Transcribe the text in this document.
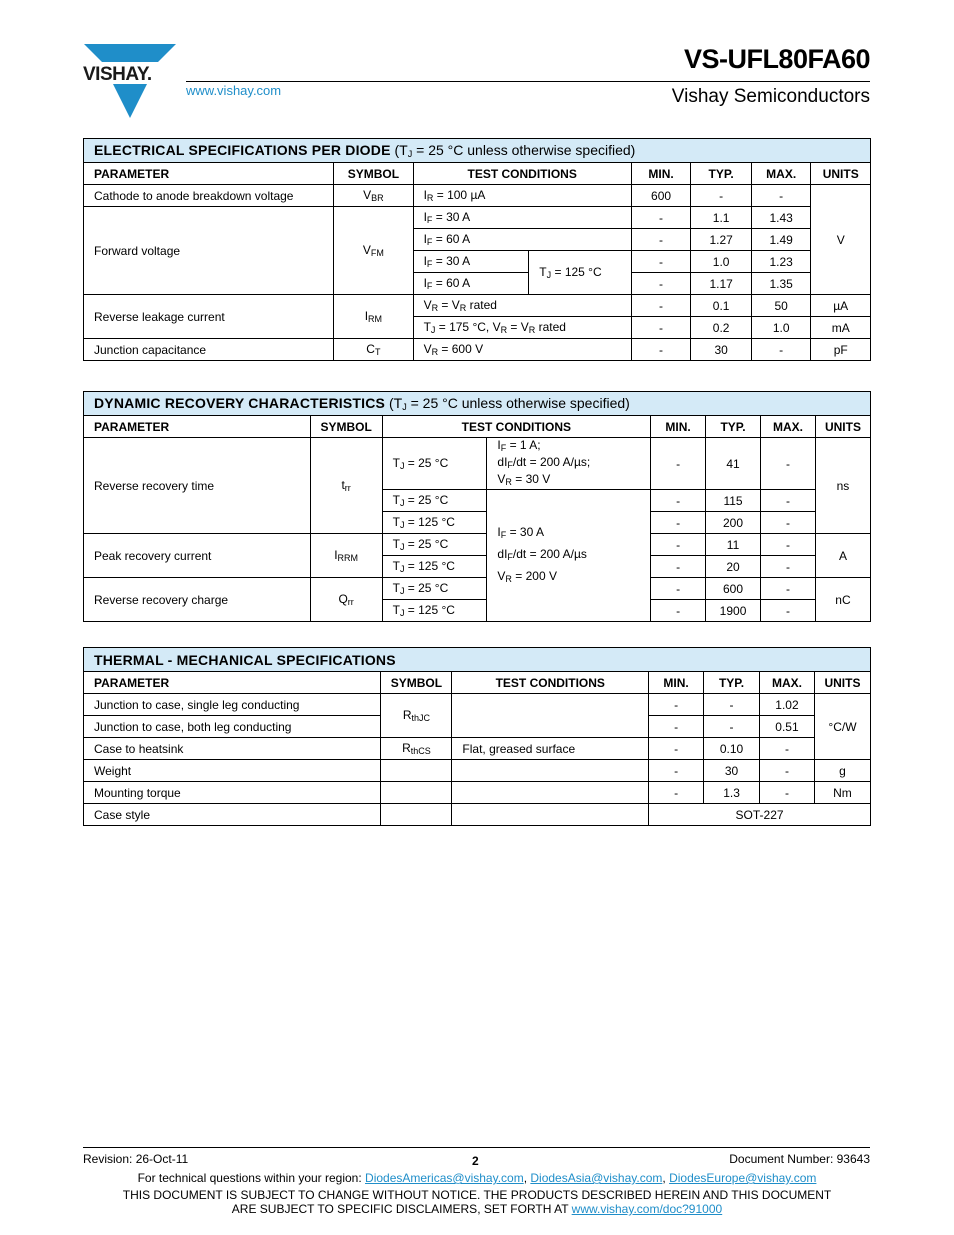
VISHAY.
www.vishay.com
VS-UFL80FA60
Vishay Semiconductors
ELECTRICAL SPECIFICATIONS PER DIODE ($T_J = 25$ °C unless otherwise specified)							
PARAMETER	SYMBOL	TEST CONDITIONS		MIN.	TYP.	MAX.	UNITS
Cathode to anode breakdown voltage	$V_{BR}$	$I_R = 100$ µA		600	-	-	V
Forward voltage	$V_{FM}$	$I_F = 30$ A		-	1.1	1.43	
		$I_F = 60$ A		-	1.27	1.49	
		$I_F = 30$ A	$T_J = 125$ °C	-	1.0	1.23	
		$I_F = 60$ A		-	1.17	1.35	
Reverse leakage current	$I_{RM}$	$V_R = V_R$ rated		-	0.1	50	µA
		$T_J = 175$ °C, $V_R = V_R$ rated		-	0.2	1.0	mA
Junction capacitance	$C_T$	$V_R = 600$ V		-	30	-	pF
DYNAMIC RECOVERY CHARACTERISTICS ($T_J = 25$ °C unless otherwise specified)							
PARAMETER	SYMBOL	TEST CONDITIONS		MIN.	TYP.	MAX.	UNITS
Reverse recovery time	$t_{rr}$	$T_J = 25$ °C	$I_F = 1$ A;
$dI_F/dt = 200$ A/µs;
$V_R = 30$ V	-	41	-	ns
		$T_J = 25$ °C	$I_F = 30$ A
$dI_F/dt = 200$ A/µs
$V_R = 200$ V	-	115	-	
		$T_J = 125$ °C		-	200	-	
Peak recovery current	$I_{RRM}$	$T_J = 25$ °C		-	11	-	A
		$T_J = 125$ °C		-	20	-	
Reverse recovery charge	$Q_{rr}$	$T_J = 25$ °C		-	600	-	nC
		$T_J = 125$ °C		-	1900	-	
THERMAL - MECHANICAL SPECIFICATIONS						
PARAMETER	SYMBOL	TEST CONDITIONS	MIN.	TYP.	MAX.	UNITS
Junction to case, single leg conducting	$R_{thJC}$		-	-	1.02	°C/W
Junction to case, both leg conducting			-	-	0.51	
Case to heatsink	$R_{thCS}$	Flat, greased surface	-	0.10	-	
Weight			-	30	-	g
Mounting torque			-	1.3	-	Nm
Case style			SOT-227			
Revision: 26-Oct-11	2	Document Number: 93643
For technical questions within your region: DiodesAmericas@vishay.com, DiodesAsia@vishay.com, DiodesEurope@vishay.com
THIS DOCUMENT IS SUBJECT TO CHANGE WITHOUT NOTICE. THE PRODUCTS DESCRIBED HEREIN AND THIS DOCUMENT
ARE SUBJECT TO SPECIFIC DISCLAIMERS, SET FORTH AT www.vishay.com/doc?91000
